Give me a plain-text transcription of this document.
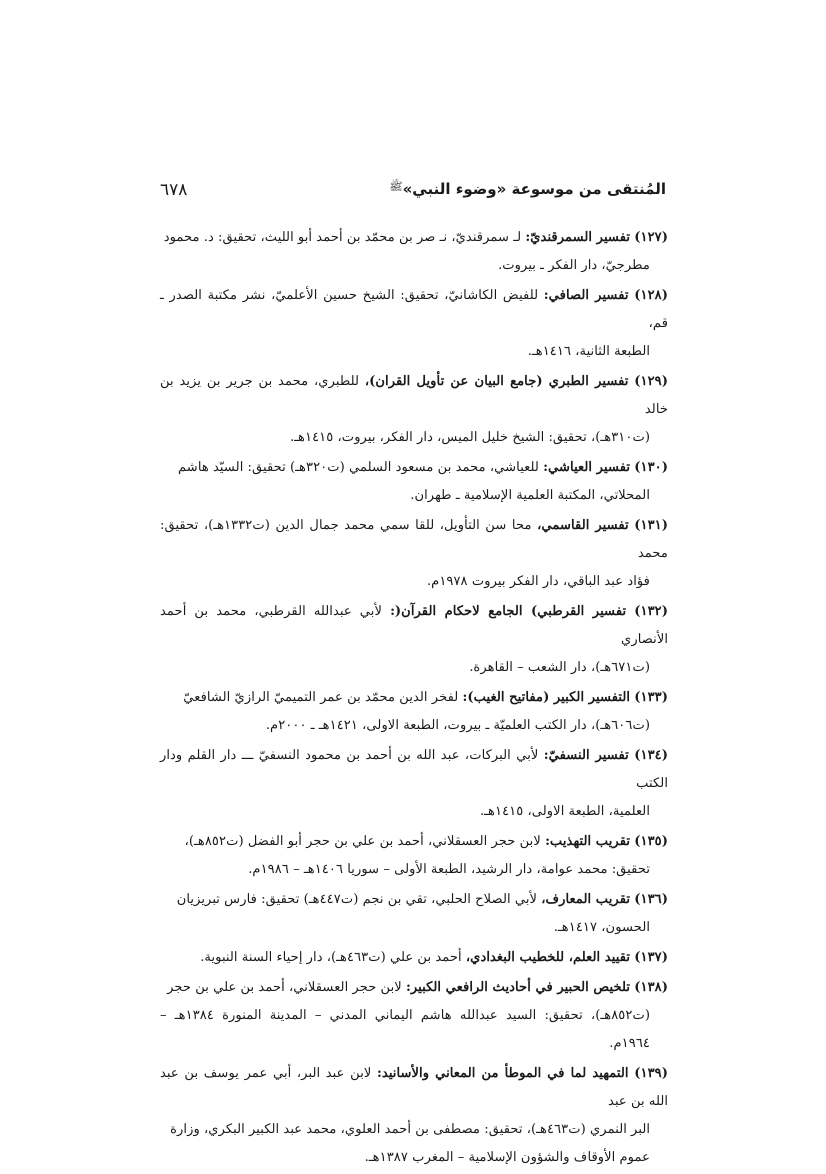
المُنتقى من موسوعة «وضوء النبي»$^ﷺ$
٦٧٨
(١٢٧) تفسير السمرقنديّ: لـ سمرقنديّ، نـ صر بن محمّد بن أحمد أبو الليث، تحقيق: د. محمود
مطرجيّ، دار الفكر ـ بيروت.
(١٢٨) تفسير الصافي: للفيض الكاشانيّ، تحقيق: الشيخ حسين الأعلميّ، نشر مكتبة الصدر ـ قم،
الطبعة الثانية، ١٤١٦هـ.
(١٢٩) تفسير الطبري (جامع البيان عن تأويل القران)، للطبري، محمد بن جرير بن يزيد بن خالد
(ت٣١٠هـ)، تحقيق: الشيخ خليل الميس، دار الفكر، بيروت، ١٤١٥هـ.
(١٣٠) تفسير العياشي: للعياشي، محمد بن مسعود السلمي (ت٣٢٠هـ) تحقيق: السيّد هاشم
المحلاتي، المكتبة العلمية الإسلامية ـ طهران.
(١٣١) تفسير القاسمي، محا سن التأويل، للقا سمي محمد جمال الدين (ت١٣٣٢هـ)، تحقيق: محمد
فؤاد عبد الباقي، دار الفكر بيروت ١٩٧٨م.
(١٣٢) تفسير القرطبي) الجامع لاحكام القرآن(: لأبي عبدالله القرطبي، محمد بن أحمد الأنصاري
(ت٦٧١هـ)، دار الشعب – القاهرة.
(١٣٣) التفسير الكبير (مفاتيح الغيب): لفخر الدين محمّد بن عمر التميميّ الرازيّ الشافعيّ
(ت٦٠٦هـ)، دار الكتب العلميّة ـ بيروت، الطبعة الاولى، ١٤٢١هـ ـ ٢٠٠٠م.
(١٣٤) تفسير النسفيّ: لأبي البركات، عبد الله بن أحمد بن محمود النسفيّ ـــ دار القلم ودار الكتب
العلمية، الطبعة الاولى، ١٤١٥هـ.
(١٣٥) تقريب التهذيب: لابن حجر العسقلاني، أحمد بن علي بن حجر أبو الفضل (ت٨٥٢هـ)،
تحقيق: محمد عوامة، دار الرشيد، الطبعة الأولى – سوريا ١٤٠٦هـ – ١٩٨٦م.
(١٣٦) تقريب المعارف، لأبي الصلاح الحلبي، تقي بن نجم (ت٤٤٧هـ) تحقيق: فارس تبريزيان
الحسون، ١٤١٧هـ.
(١٣٧) تقييد العلم، للخطيب البغدادي، أحمد بن علي (ت٤٦٣هـ)، دار إحياء السنة النبوية.
(١٣٨) تلخيص الحبير في أحاديث الرافعي الكبير: لابن حجر العسقلاني، أحمد بن علي بن حجر
(ت٨٥٢هـ)، تحقيق: السيد عبدالله هاشم اليماني المدني – المدينة المنورة ١٣٨٤هـ – ١٩٦٤م.
(١٣٩) التمهيد لما في الموطأ من المعاني والأسانيد: لابن عبد البر، أبي عمر يوسف بن عبد الله بن عبد
البر النمري (ت٤٦٣هـ)، تحقيق: مصطفى بن أحمد العلوي، محمد عبد الكبير البكري، وزارة
عموم الأوقاف والشؤون الإسلامية – المغرب ١٣٨٧هـ.
